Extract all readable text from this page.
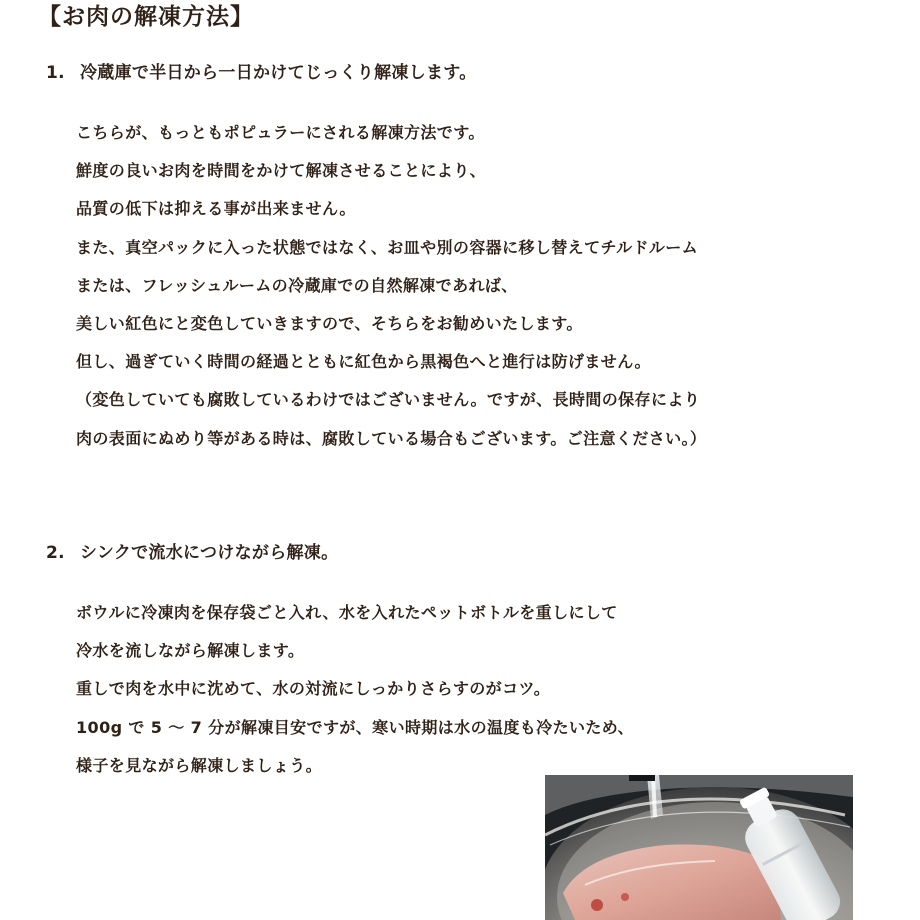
【お肉の解凍方法】
1. 冷蔵庫で半日から一日かけてじっくり解凍します。
こちらが、もっともポピュラーにされる解凍方法です。
鮮度の良いお肉を時間をかけて解凍させることにより、
品質の低下は抑える事が出来ません。
また、真空パックに入った状態ではなく、お皿や別の容器に移し替えてチルドルーム
または、フレッシュルームの冷蔵庫での自然解凍であれば、
美しい紅色にと変色していきますので、そちらをお勧めいたします。
但し、過ぎていく時間の経過とともに紅色から黒褐色へと進行は防げません。
（変色していても腐敗しているわけではございません。ですが、長時間の保存により
肉の表面にぬめり等がある時は、腐敗している場合もございます。ご注意ください。）
2. シンクで流水につけながら解凍。
ボウルに冷凍肉を保存袋ごと入れ、水を入れたペットボトルを重しにして
冷水を流しながら解凍します。
重しで肉を水中に沈めて、水の対流にしっかりさらすのがコツ。
100g で 5 ～ 7 分が解凍目安ですが、寒い時期は水の温度も冷たいため、
様子を見ながら解凍しましょう。
